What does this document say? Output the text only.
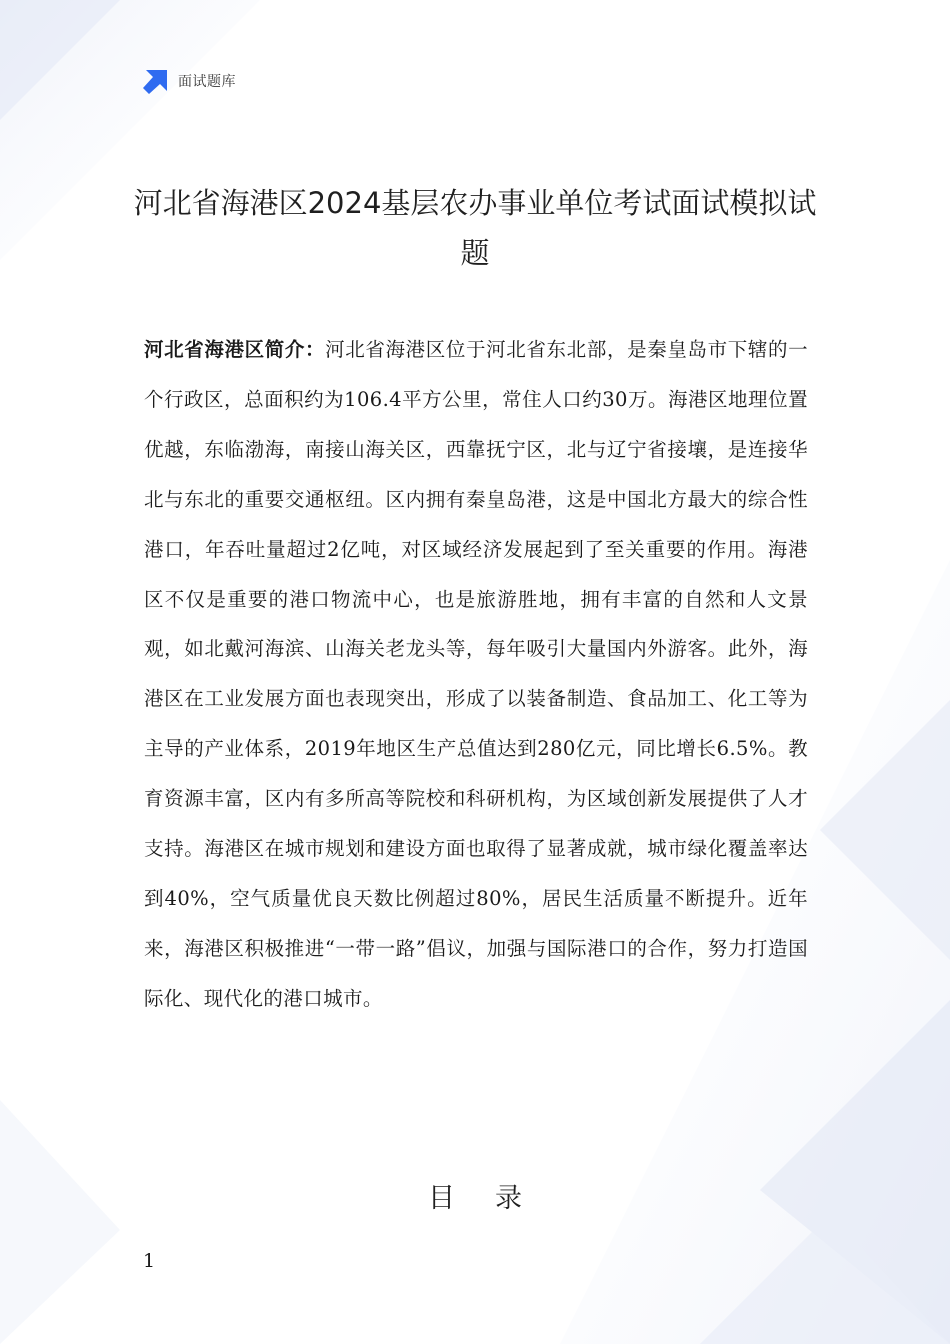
面试题库
河北省海港区2024基层农办事业单位考试面试模拟试题

河北省海港区简介：河北省海港区位于河北省东北部，是秦皇岛市下辖的一个行政区，总面积约为106.4平方公里，常住人口约30万。海港区地理位置优越，东临渤海，南接山海关区，西靠抚宁区，北与辽宁省接壤，是连接华北与东北的重要交通枢纽。区内拥有秦皇岛港，这是中国北方最大的综合性港口，年吞吐量超过2亿吨，对区域经济发展起到了至关重要的作用。海港区不仅是重要的港口物流中心，也是旅游胜地，拥有丰富的自然和人文景观，如北戴河海滨、山海关老龙头等，每年吸引大量国内外游客。此外，海港区在工业发展方面也表现突出，形成了以装备制造、食品加工、化工等为主导的产业体系，2019年地区生产总值达到280亿元，同比增长6.5%。教育资源丰富，区内有多所高等院校和科研机构，为区域创新发展提供了人才支持。海港区在城市规划和建设方面也取得了显著成就，城市绿化覆盖率达到40%，空气质量优良天数比例超过80%，居民生活质量不断提升。近年来，海港区积极推进“一带一路”倡议，加强与国际港口的合作，努力打造国际化、现代化的港口城市。

目录
1
